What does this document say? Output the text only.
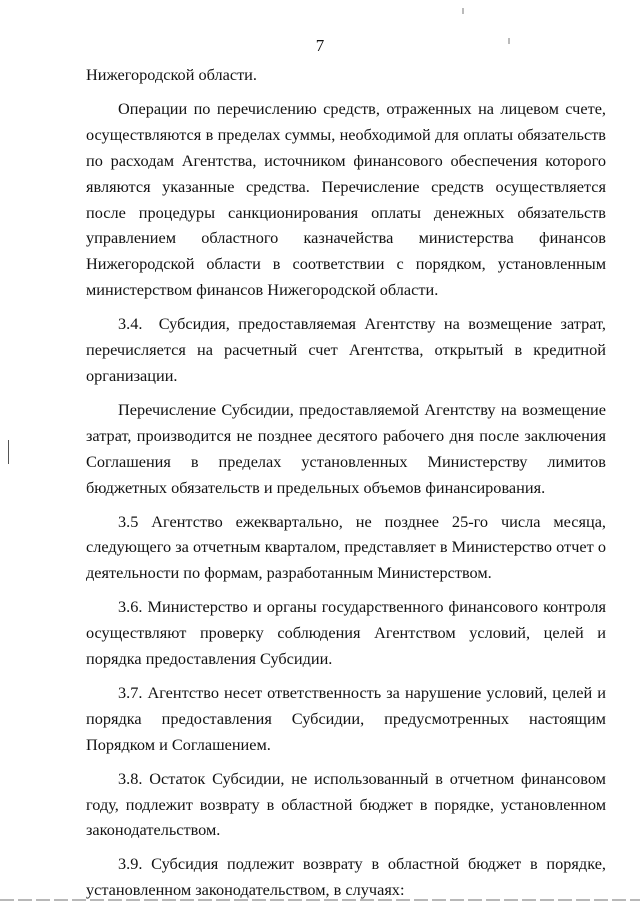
7

Нижегородской области.

Операции по перечислению средств, отраженных на лицевом счете, осуществляются в пределах суммы, необходимой для оплаты обязательств по расходам Агентства, источником финансового обеспечения которого являются указанные средства. Перечисление средств осуществляется после процедуры санкционирования оплаты денежных обязательств управлением областного казначейства министерства финансов Нижегородской области в соответствии с порядком, установленным министерством финансов Нижегородской области.

3.4. Субсидия, предоставляемая Агентству на возмещение затрат, перечисляется на расчетный счет Агентства, открытый в кредитной организации.

Перечисление Субсидии, предоставляемой Агентству на возмещение затрат, производится не позднее десятого рабочего дня после заключения Соглашения в пределах установленных Министерству лимитов бюджетных обязательств и предельных объемов финансирования.

3.5 Агентство ежеквартально, не позднее 25-го числа месяца, следующего за отчетным кварталом, представляет в Министерство отчет о деятельности по формам, разработанным Министерством.

3.6. Министерство и органы государственного финансового контроля осуществляют проверку соблюдения Агентством условий, целей и порядка предоставления Субсидии.

3.7. Агентство несет ответственность за нарушение условий, целей и порядка предоставления Субсидии, предусмотренных настоящим Порядком и Соглашением.

3.8. Остаток Субсидии, не использованный в отчетном финансовом году, подлежит возврату в областной бюджет в порядке, установленном законодательством.

3.9. Субсидия подлежит возврату в областной бюджет в порядке, установленном законодательством, в случаях:
